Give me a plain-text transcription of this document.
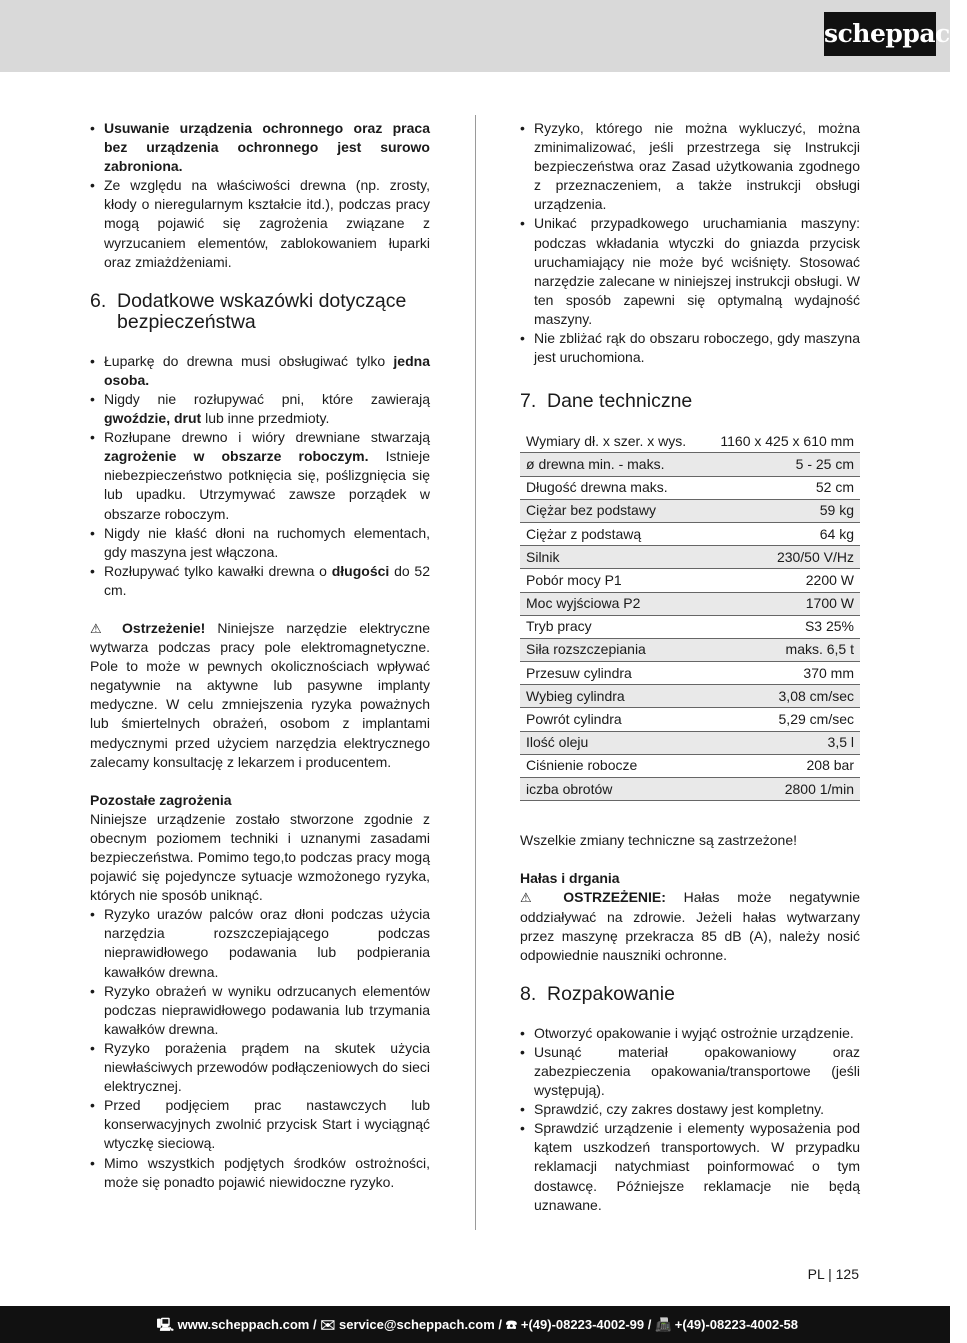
scheppach
• Usuwanie urządzenia ochronnego oraz praca bez urządzenia ochronnego jest surowo zabroniona.
• Ze względu na właściwości drewna (np. zrosty, kłody o nieregularnym kształcie itd.), podczas pracy mogą pojawić się zagrożenia związane z wyrzucaniem elementów, zablokowaniem łuparki oraz zmiażdżeniami.
6. Dodatkowe wskazówki dotyczące bezpieczeństwa
• Łuparkę do drewna musi obsługiwać tylko jedna osoba.
• Nigdy nie rozłupywać pni, które zawierają gwoździe, drut lub inne przedmioty.
• Rozłupane drewno i wióry drewniane stwarzają zagrożenie w obszarze roboczym. Istnieje niebezpieczeństwo potknięcia się, poślizgnięcia się lub upadku. Utrzymywać zawsze porządek w obszarze roboczym.
• Nigdy nie kłaść dłoni na ruchomych elementach, gdy maszyna jest włączona.
• Rozłupywać tylko kawałki drewna o długości do 52 cm.

⚠ Ostrzeżenie! Niniejsze narzędzie elektryczne wytwarza podczas pracy pole elektromagnetyczne. Pole to może w pewnych okolicznościach wpływać negatywnie na aktywne lub pasywne implanty medyczne. W celu zmniejszenia ryzyka poważnych lub śmiertelnych obrażeń, osobom z implantami medycznymi przed użyciem narzędzia elektrycznego zalecamy konsultację z lekarzem i producentem.

Pozostałe zagrożenia

Niniejsze urządzenie zostało stworzone zgodnie z obecnym poziomem techniki i uznanymi zasadami bezpieczeństwa. Pomimo tego,to podczas pracy mogą pojawić się pojedyncze sytuacje wzmożonego ryzyka, których nie sposób uniknąć.

• Ryzyko urazów palców oraz dłoni podczas użycia narzędzia rozszczepiającego podczas nieprawidłowego podawania lub podpierania kawałków drewna.
• Ryzyko obrażeń w wyniku odrzucanych elementów podczas nieprawidłowego podawania lub trzymania kawałków drewna.
• Ryzyko porażenia prądem na skutek użycia niewłaściwych przewodów podłączeniowych do sieci elektrycznej.
• Przed podjęciem prac nastawczych lub konserwacyjnych zwolnić przycisk Start i wyciągnąć wtyczkę sieciową.
• Mimo wszystkich podjętych środków ostrożności, może się ponadto pojawić niewidoczne ryzyko.
• Ryzyko, którego nie można wykluczyć, można zminimalizować, jeśli przestrzega się Instrukcji bezpieczeństwa oraz Zasad użytkowania zgodnego z przeznaczeniem, a także instrukcji obsługi urządzenia.
• Unikać przypadkowego uruchamiania maszyny: podczas wkładania wtyczki do gniazda przycisk uruchamiający nie może być wciśnięty. Stosować narzędzie zalecane w niniejszej instrukcji obsługi. W ten sposób zapewni się optymalną wydajność maszyny.
• Nie zbliżać rąk do obszaru roboczego, gdy maszyna jest uruchomiona.
7. Dane techniczne
Wymiary dł. x szer. x wys.	1160 x 425 x 610 mm
ø drewna min. - maks.	5 - 25 cm
Długość drewna maks.	52 cm
Ciężar bez podstawy	59 kg
Ciężar z podstawą	64 kg
Silnik	230/50 V/Hz
Pobór mocy P1	2200 W
Moc wyjściowa P2	1700 W
Tryb pracy	S3 25%
Siła rozszczepiania	maks. 6,5 t
Przesuw cylindra	370 mm
Wybieg cylindra	3,08 cm/sec
Powrót cylindra	5,29 cm/sec
Ilość oleju	3,5 l
Ciśnienie robocze	208 bar
iczba obrotów	2800 1/min

Wszelkie zmiany techniczne są zastrzeżone!

Hałas i drgania

⚠ OSTRZEŻENIE: Hałas może negatywnie oddziaływać na zdrowie. Jeżeli hałas wytwarzany przez maszynę przekracza 85 dB (A), należy nosić odpowiednie nauszniki ochronne.

8. Rozpakowanie
• Otworzyć opakowanie i wyjąć ostrożnie urządzenie.
• Usunąć materiał opakowaniowy oraz zabezpieczenia opakowania/transportowe (jeśli występują).
• Sprawdzić, czy zakres dostawy jest kompletny.
• Sprawdzić urządzenie i elementy wyposażenia pod kątem uszkodzeń transportowych. W przypadku reklamacji natychmiast poinformować o tym dostawcę. Późniejsze reklamacje nie będą uznawane.
PL | 125
🖳 www.scheppach.com / ✉ service@scheppach.com / ☎ +(49)-08223-4002-99 / 📠 +(49)-08223-4002-58
